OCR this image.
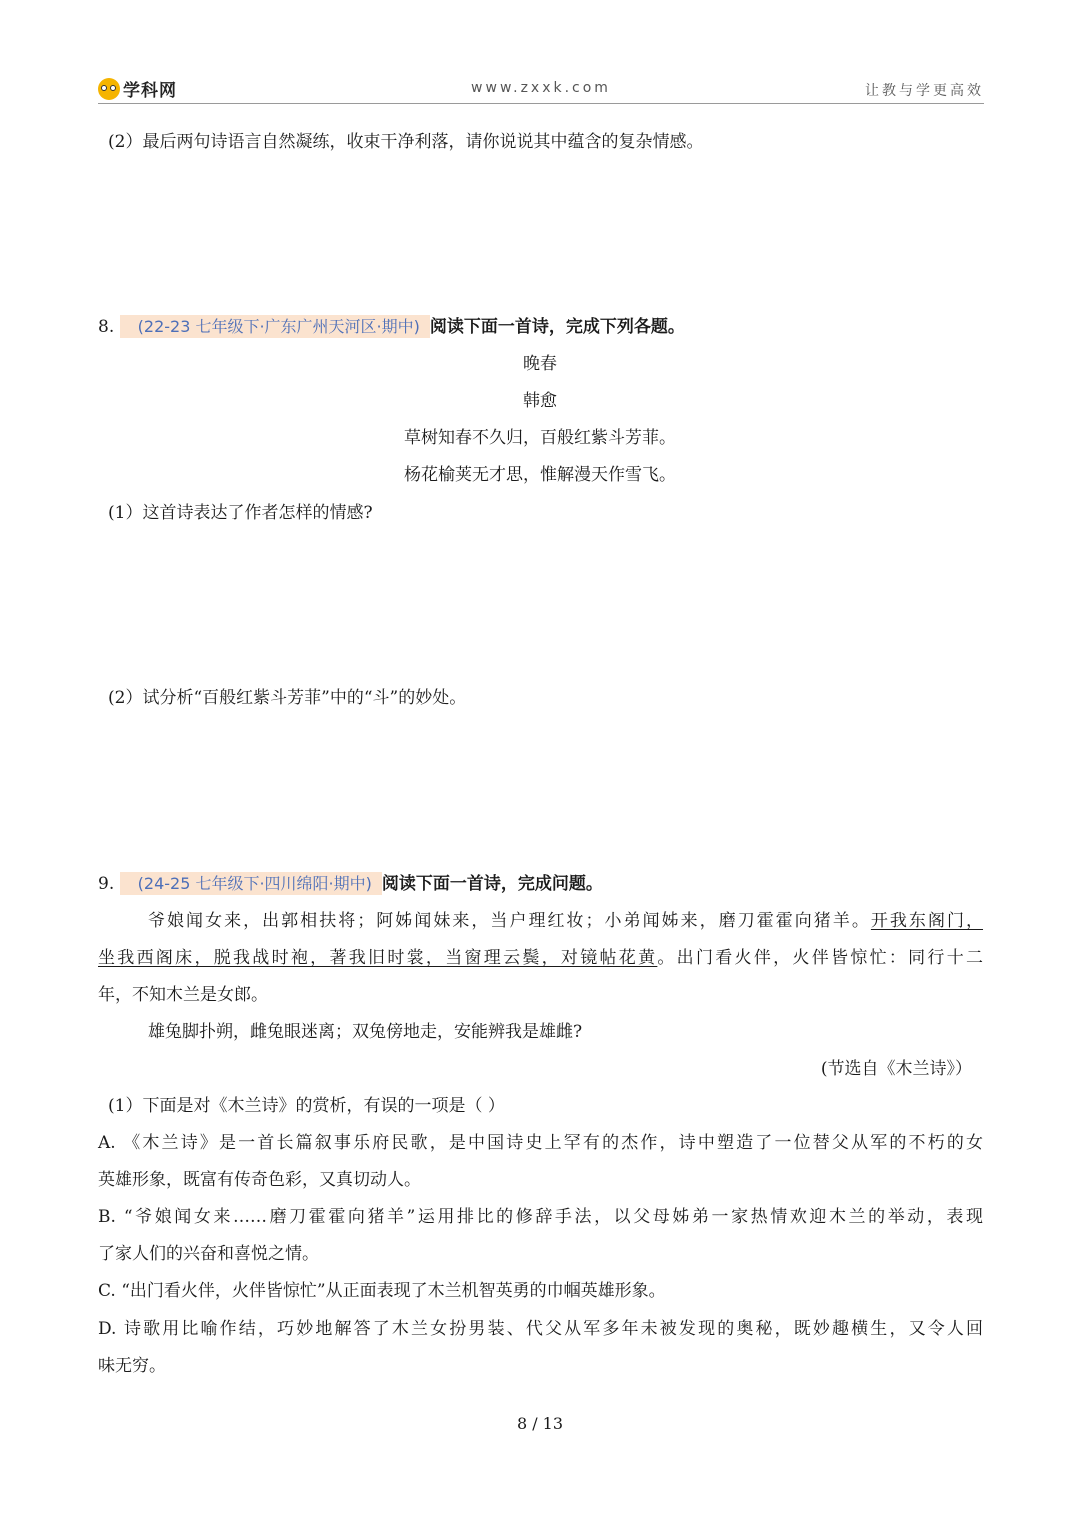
学科网	www.zxxk.com	让教与学更高效
(2）最后两句诗语言自然凝练，收束干净利落，请你说说其中蕴含的复杂情感。
8. (22-23 七年级下·广东广州天河区·期中) 阅读下面一首诗，完成下列各题。
晚春
韩愈
草树知春不久归，百般红紫斗芳菲。
杨花榆荚无才思，惟解漫天作雪飞。
(1）这首诗表达了作者怎样的情感?
(2）试分析“百般红紫斗芳菲”中的“斗”的妙处。
9. (24-25 七年级下·四川绵阳·期中) 阅读下面一首诗，完成问题。
爷娘闻女来，出郭相扶将；阿姊闻妹来，当户理红妆；小弟闻姊来，磨刀霍霍向猪羊。开我东阁门，
坐我西阁床，脱我战时袍，著我旧时裳，当窗理云鬓，对镜帖花黄。出门看火伴，火伴皆惊忙：同行十二
年，不知木兰是女郎。
雄兔脚扑朔，雌兔眼迷离；双兔傍地走，安能辨我是雄雌?
(节选自《木兰诗》）
(1）下面是对《木兰诗》的赏析，有误的一项是（ ）
A. 《木兰诗》是一首长篇叙事乐府民歌，是中国诗史上罕有的杰作，诗中塑造了一位替父从军的不朽的女
英雄形象，既富有传奇色彩，又真切动人。
B. “爷娘闻女来……磨刀霍霍向猪羊”运用排比的修辞手法，以父母姊弟一家热情欢迎木兰的举动，表现
了家人们的兴奋和喜悦之情。
C. “出门看火伴，火伴皆惊忙”从正面表现了木兰机智英勇的巾帼英雄形象。
D. 诗歌用比喻作结，巧妙地解答了木兰女扮男装、代父从军多年未被发现的奥秘，既妙趣横生，又令人回
味无穷。
8 / 13
